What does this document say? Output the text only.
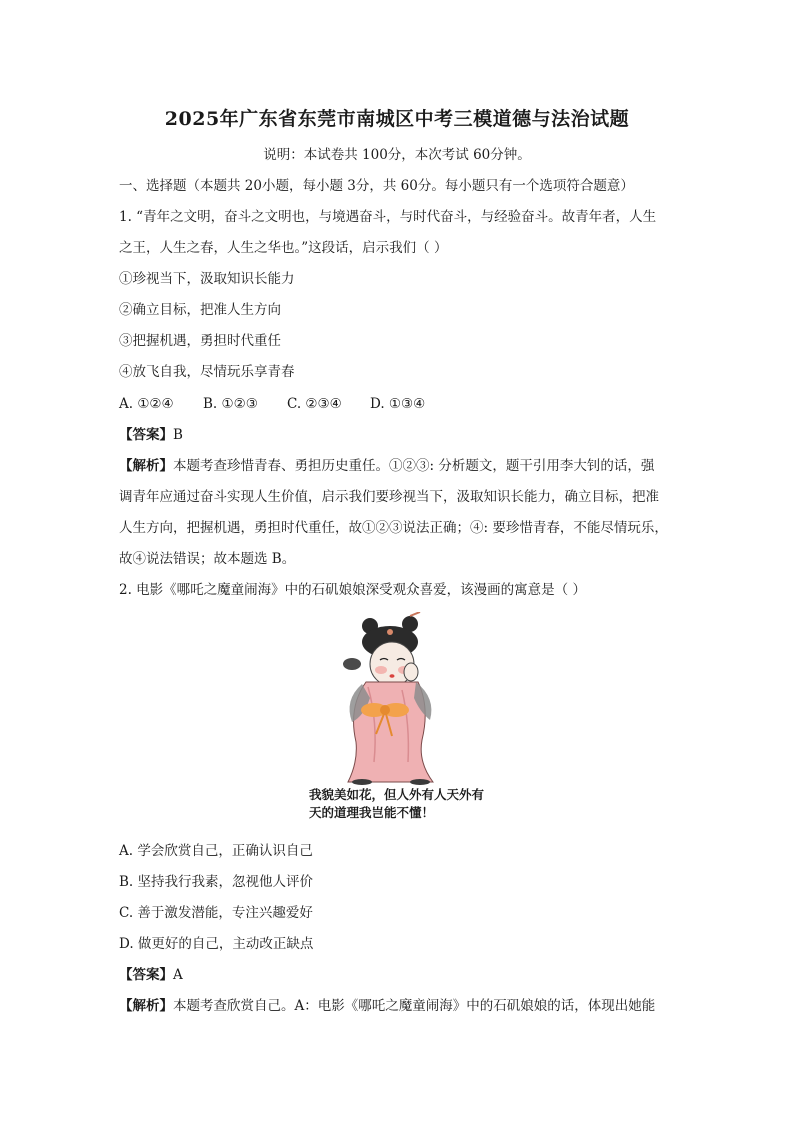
2025年广东省东莞市南城区中考三模道德与法治试题
说明：本试卷共 100分，本次考试 60分钟。
一、选择题（本题共 20小题，每小题 3分，共 60分。每小题只有一个选项符合题意）
1. “青年之文明，奋斗之文明也，与境遇奋斗，与时代奋斗，与经验奋斗。故青年者，人生
之王，人生之春，人生之华也。”这段话，启示我们（ ）
①珍视当下，汲取知识长能力
②确立目标，把准人生方向
③把握机遇，勇担时代重任
④放飞自我，尽情玩乐享青春
A. ①②④ B. ①②③ C. ②③④ D. ①③④
【答案】B
【解析】本题考查珍惜青春、勇担历史重任。①②③: 分析题文，题干引用李大钊的话，强
调青年应通过奋斗实现人生价值，启示我们要珍视当下，汲取知识长能力，确立目标，把准
人生方向，把握机遇，勇担时代重任，故①②③说法正确；④: 要珍惜青春，不能尽情玩乐，
故④说法错误；故本题选 B。
2. 电影《哪吒之魔童闹海》中的石矶娘娘深受观众喜爱，该漫画的寓意是（ ）
我貌美如花，但人外有人天外有
天的道理我岂能不懂！
A. 学会欣赏自己，正确认识自己
B. 坚持我行我素，忽视他人评价
C. 善于激发潜能，专注兴趣爱好
D. 做更好的自己，主动改正缺点
【答案】A
【解析】本题考查欣赏自己。A：电影《哪吒之魔童闹海》中的石矶娘娘的话，体现出她能
